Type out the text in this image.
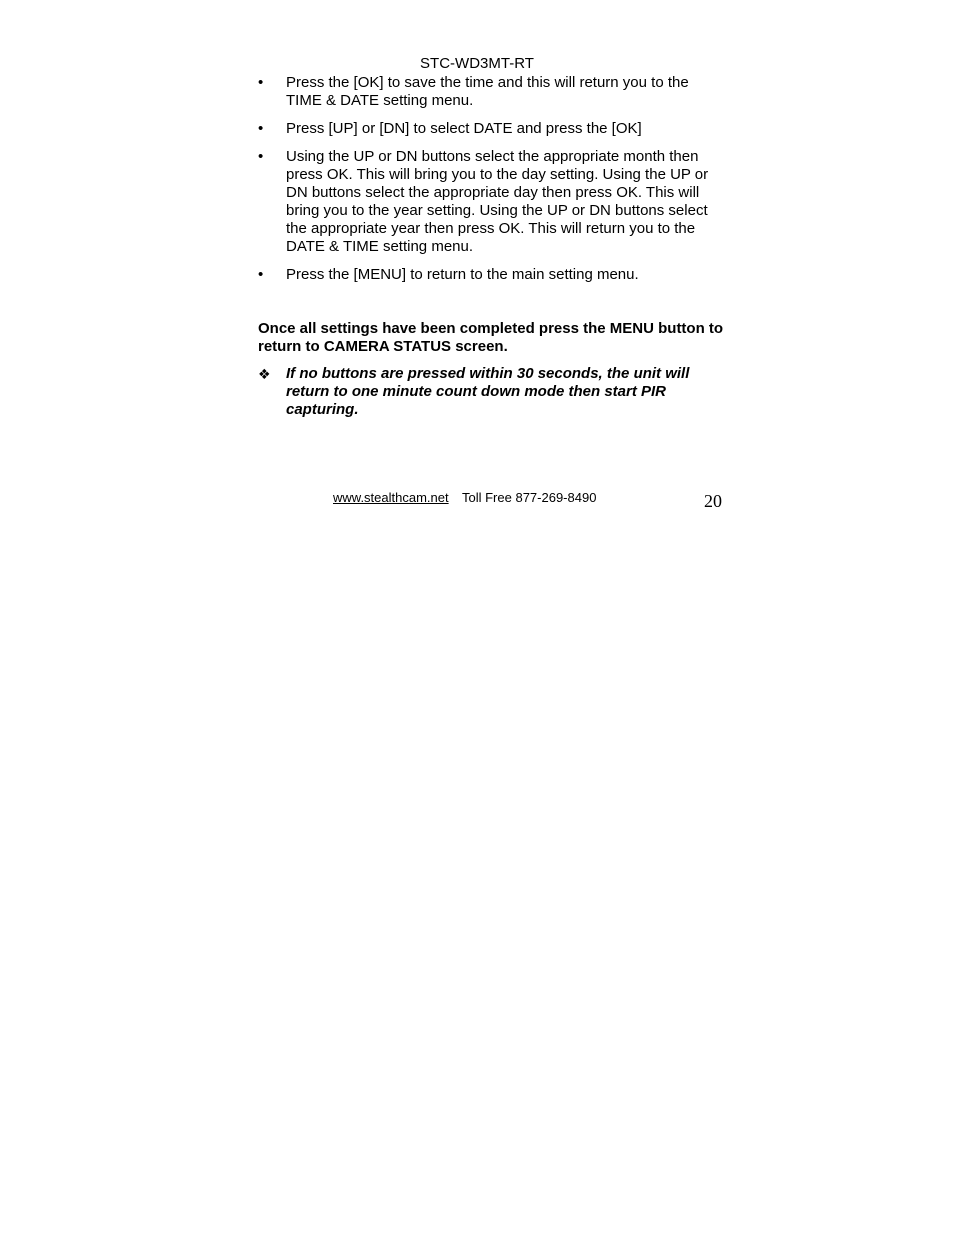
STC-WD3MT-RT
•	Press the [OK] to save the time and this will return you to the TIME & DATE setting menu.
•	Press [UP] or [DN] to select DATE and press the [OK]
•	Using the UP or DN buttons select the appropriate month then press OK. This will bring you to the day setting. Using the UP or DN buttons select the appropriate day then press OK. This will bring you to the year setting. Using the UP or DN buttons select the appropriate year then press OK. This will return you to the DATE & TIME setting menu.
•	Press the [MENU] to return to the main setting menu.
Once all settings have been completed press the MENU button to return to CAMERA STATUS screen.
❖ If no buttons are pressed within 30 seconds, the unit will return to one minute count down mode then start PIR capturing.
www.stealthcam.net Toll Free 877-269-8490	20
